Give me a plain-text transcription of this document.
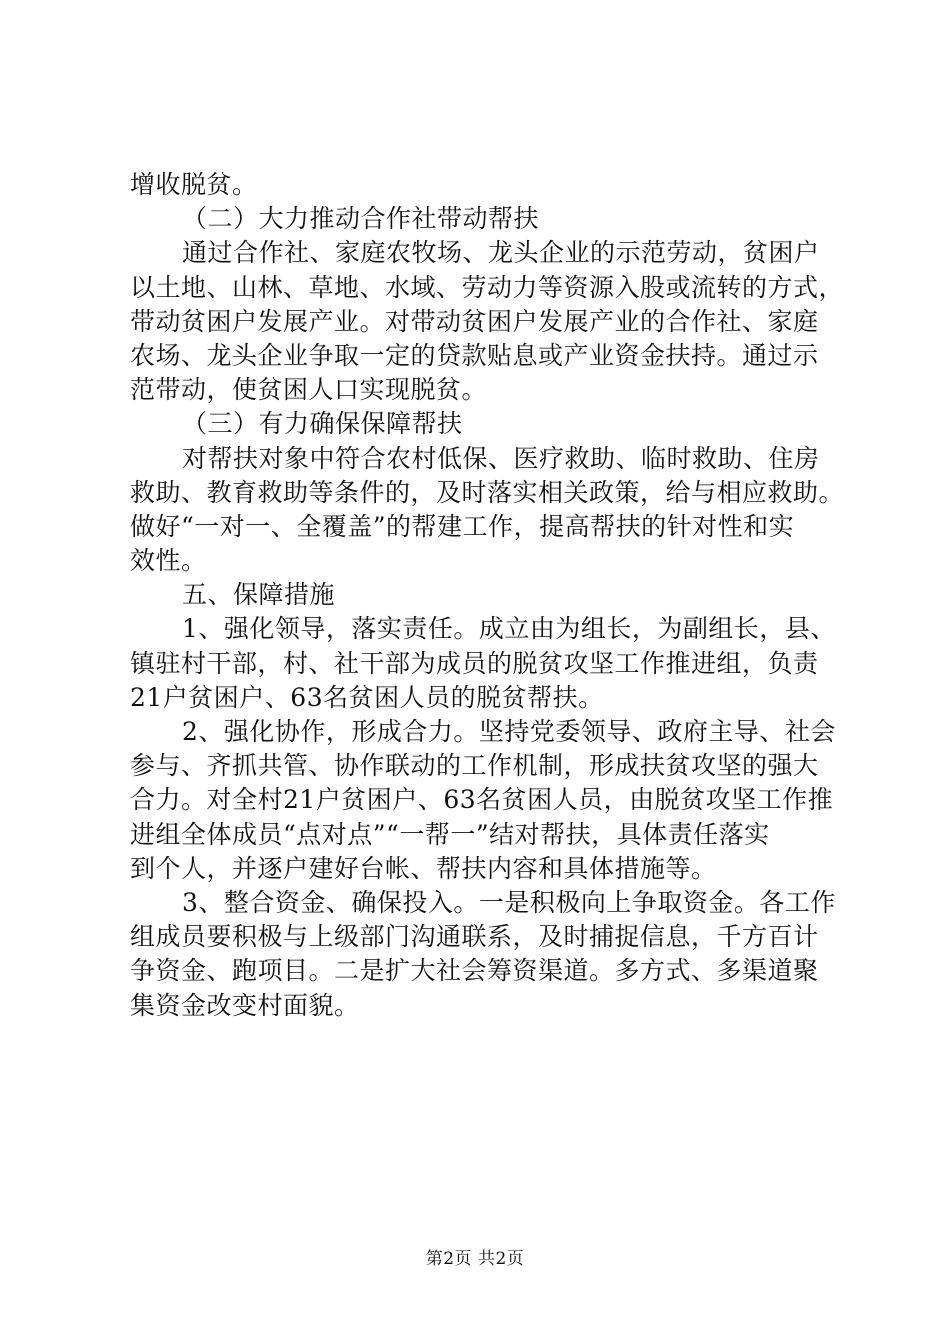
增收脱贫。
（二）大力推动合作社带动帮扶
通过合作社、家庭农牧场、龙头企业的示范劳动，贫困户
以土地、山林、草地、水域、劳动力等资源入股或流转的方式，
带动贫困户发展产业。对带动贫困户发展产业的合作社、家庭
农场、龙头企业争取一定的贷款贴息或产业资金扶持。通过示
范带动，使贫困人口实现脱贫。
（三）有力确保保障帮扶
对帮扶对象中符合农村低保、医疗救助、临时救助、住房
救助、教育救助等条件的，及时落实相关政策，给与相应救助。
做好“一对一、全覆盖”的帮建工作，提高帮扶的针对性和实
效性。
五、保障措施
1、强化领导，落实责任。成立由为组长，为副组长，县、
镇驻村干部，村、社干部为成员的脱贫攻坚工作推进组，负责
21户贫困户、63名贫困人员的脱贫帮扶。
2、强化协作，形成合力。坚持党委领导、政府主导、社会
参与、齐抓共管、协作联动的工作机制，形成扶贫攻坚的强大
合力。对全村21户贫困户、63名贫困人员，由脱贫攻坚工作推
进组全体成员“点对点”“一帮一”结对帮扶，具体责任落实
到个人，并逐户建好台帐、帮扶内容和具体措施等。
3、整合资金、确保投入。一是积极向上争取资金。各工作
组成员要积极与上级部门沟通联系，及时捕捉信息，千方百计
争资金、跑项目。二是扩大社会筹资渠道。多方式、多渠道聚
集资金改变村面貌。
第2页 共2页
